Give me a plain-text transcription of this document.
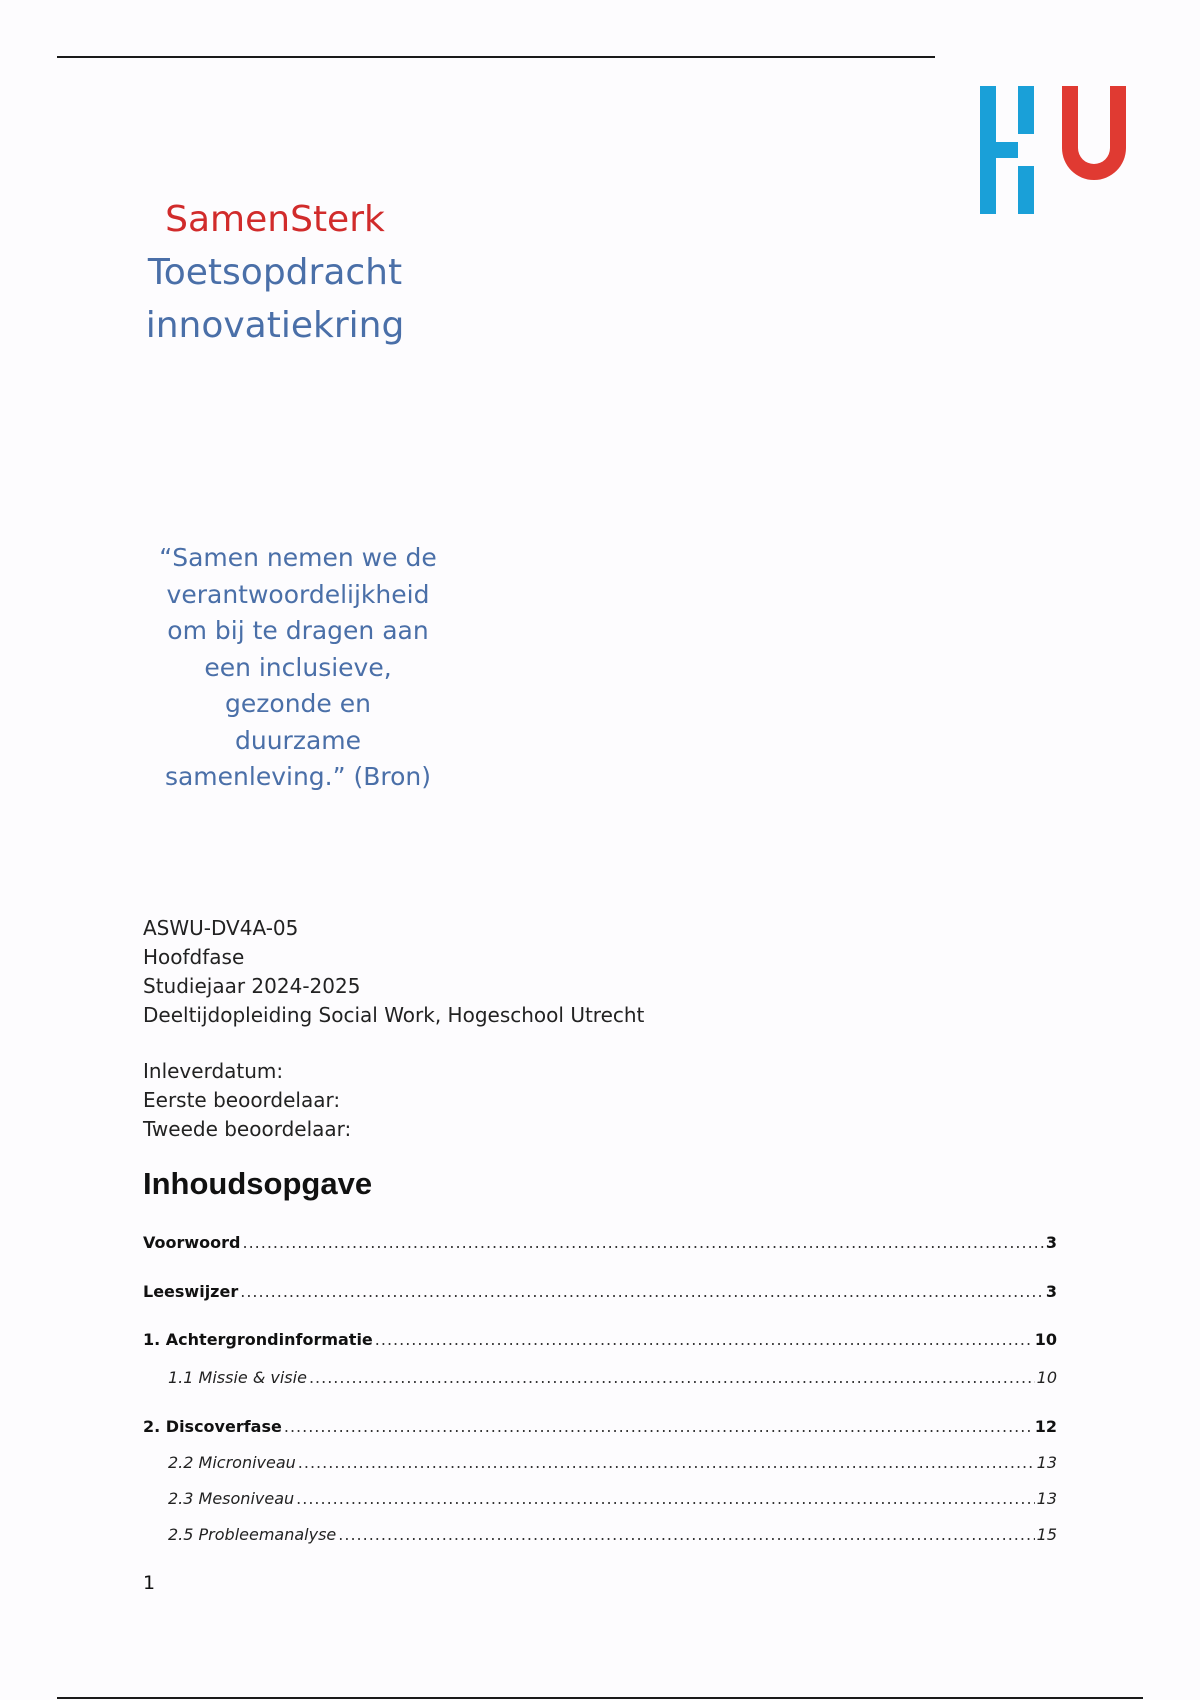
SamenSterk
Toetsopdracht
innovatiekring
“Samen nemen we de
verantwoordelijkheid
om bij te dragen aan
een inclusieve,
gezonde en
duurzame
samenleving.” (Bron)
ASWU-DV4A-05
Hoofdfase
Studiejaar 2024-2025
Deeltijdopleiding Social Work, Hogeschool Utrecht
Inleverdatum:
Eerste beoordelaar:
Tweede beoordelaar:
Inhoudsopgave
Voorwoord .....	3
Leeswijzer .....	3
1. Achtergrondinformatie .....	10
1.1 Missie & visie .....	10
2. Discoverfase .....	12
2.2 Microniveau .....	13
2.3 Mesoniveau .....	13
2.5 Probleemanalyse .....	15
1
